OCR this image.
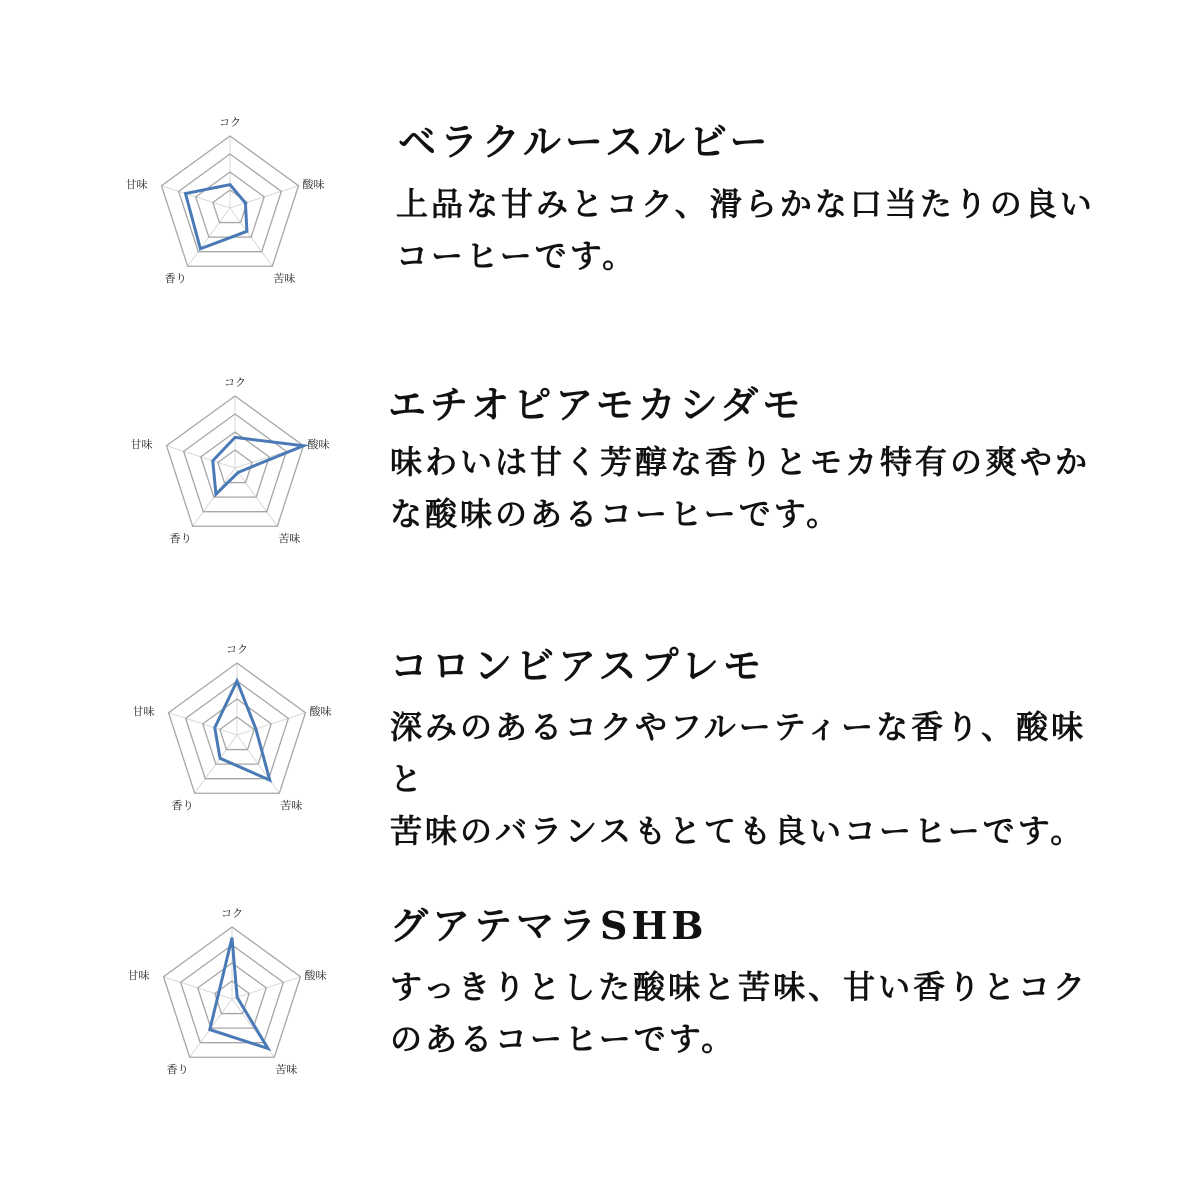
コク
酸味
苦味
香り
甘味
ベラクルースルビー

上品な甘みとコク、滑らかな口当たりの良い
コーヒーです。

コク
酸味
苦味
香り
甘味
エチオピアモカシダモ

味わいは甘く芳醇な香りとモカ特有の爽やか
な酸味のあるコーヒーです。

コク
酸味
苦味
香り
甘味
コロンビアスプレモ

深みのあるコクやフルーティーな香り、酸味と
苦味のバランスもとても良いコーヒーです。

コク
酸味
苦味
香り
甘味
グアテマラSHB

すっきりとした酸味と苦味、甘い香りとコク
のあるコーヒーです。
